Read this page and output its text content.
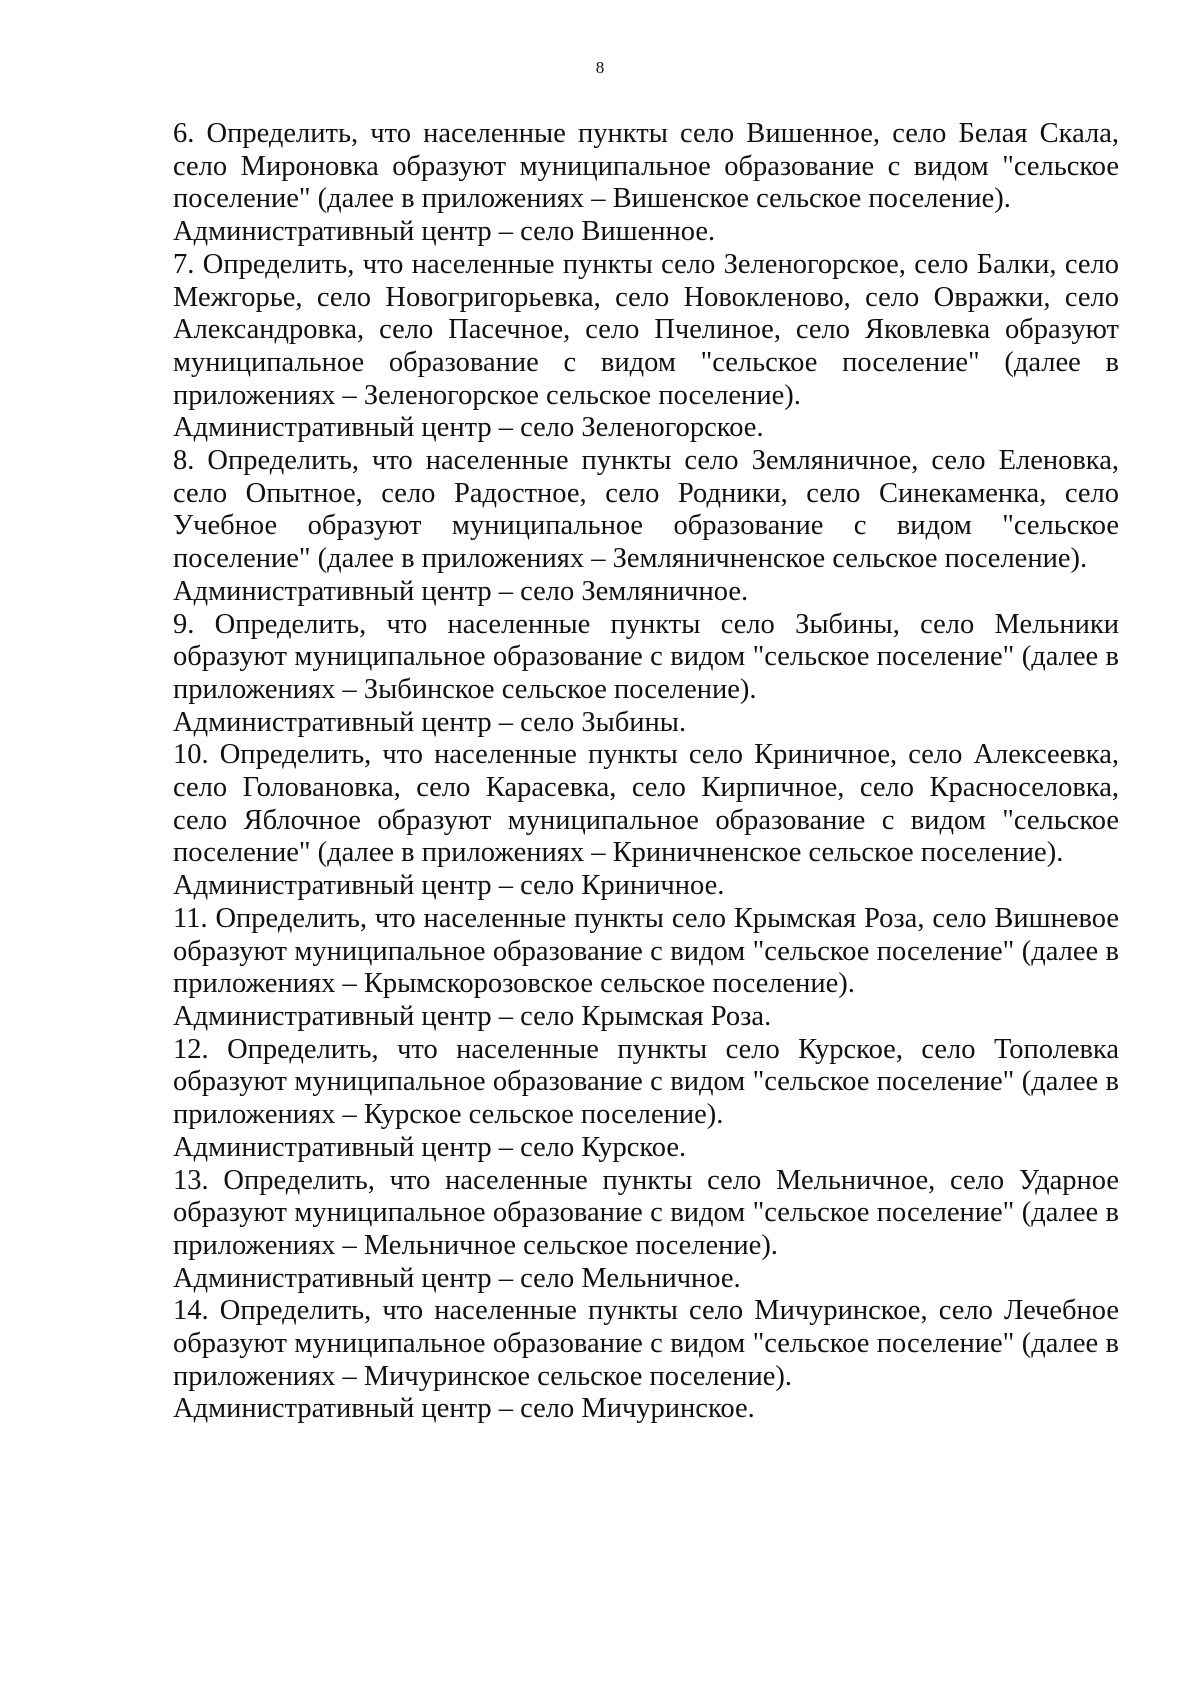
8

6. Определить, что населенные пункты село Вишенное, село Белая Скала, село Мироновка образуют муниципальное образование с видом "сельское поселение" (далее в приложениях – Вишенское сельское поселение).

Административный центр – село Вишенное.

7. Определить, что населенные пункты село Зеленогорское, село Балки, село Межгорье, село Новогригорьевка, село Новокленово, село Овражки, село Александровка, село Пасечное, село Пчелиное, село Яковлевка образуют муниципальное образование с видом "сельское поселение" (далее в приложениях – Зеленогорское сельское поселение).

Административный центр – село Зеленогорское.

8. Определить, что населенные пункты село Земляничное, село Еленовка, село Опытное, село Радостное, село Родники, село Синекаменка, село Учебное образуют муниципальное образование с видом "сельское поселение" (далее в приложениях – Земляничненское сельское поселение).

Административный центр – село Земляничное.

9. Определить, что населенные пункты село Зыбины, село Мельники образуют муниципальное образование с видом "сельское поселение" (далее в приложениях – Зыбинское сельское поселение).

Административный центр – село Зыбины.

10. Определить, что населенные пункты село Криничное, село Алексеевка, село Голованoвка, село Карасевка, село Кирпичное, село Красноселовка, село Яблочное образуют муниципальное образование с видом "сельское поселение" (далее в приложениях – Криничненское сельское поселение).

Административный центр – село Криничное.

11. Определить, что населенные пункты село Крымская Роза, село Вишневое образуют муниципальное образование с видом "сельское поселение" (далее в приложениях – Крымскорозовское сельское поселение).

Административный центр – село Крымская Роза.

12. Определить, что населенные пункты село Курское, село Тополевка образуют муниципальное образование с видом "сельское поселение" (далее в приложениях – Курское сельское поселение).

Административный центр – село Курское.

13. Определить, что населенные пункты село Мельничное, село Ударное образуют муниципальное образование с видом "сельское поселение" (далее в приложениях – Мельничное сельское поселение).

Административный центр – село Мельничное.

14. Определить, что населенные пункты село Мичуринское, село Лечебное образуют муниципальное образование с видом "сельское поселение" (далее в приложениях – Мичуринское сельское поселение).

Административный центр – село Мичуринское.
